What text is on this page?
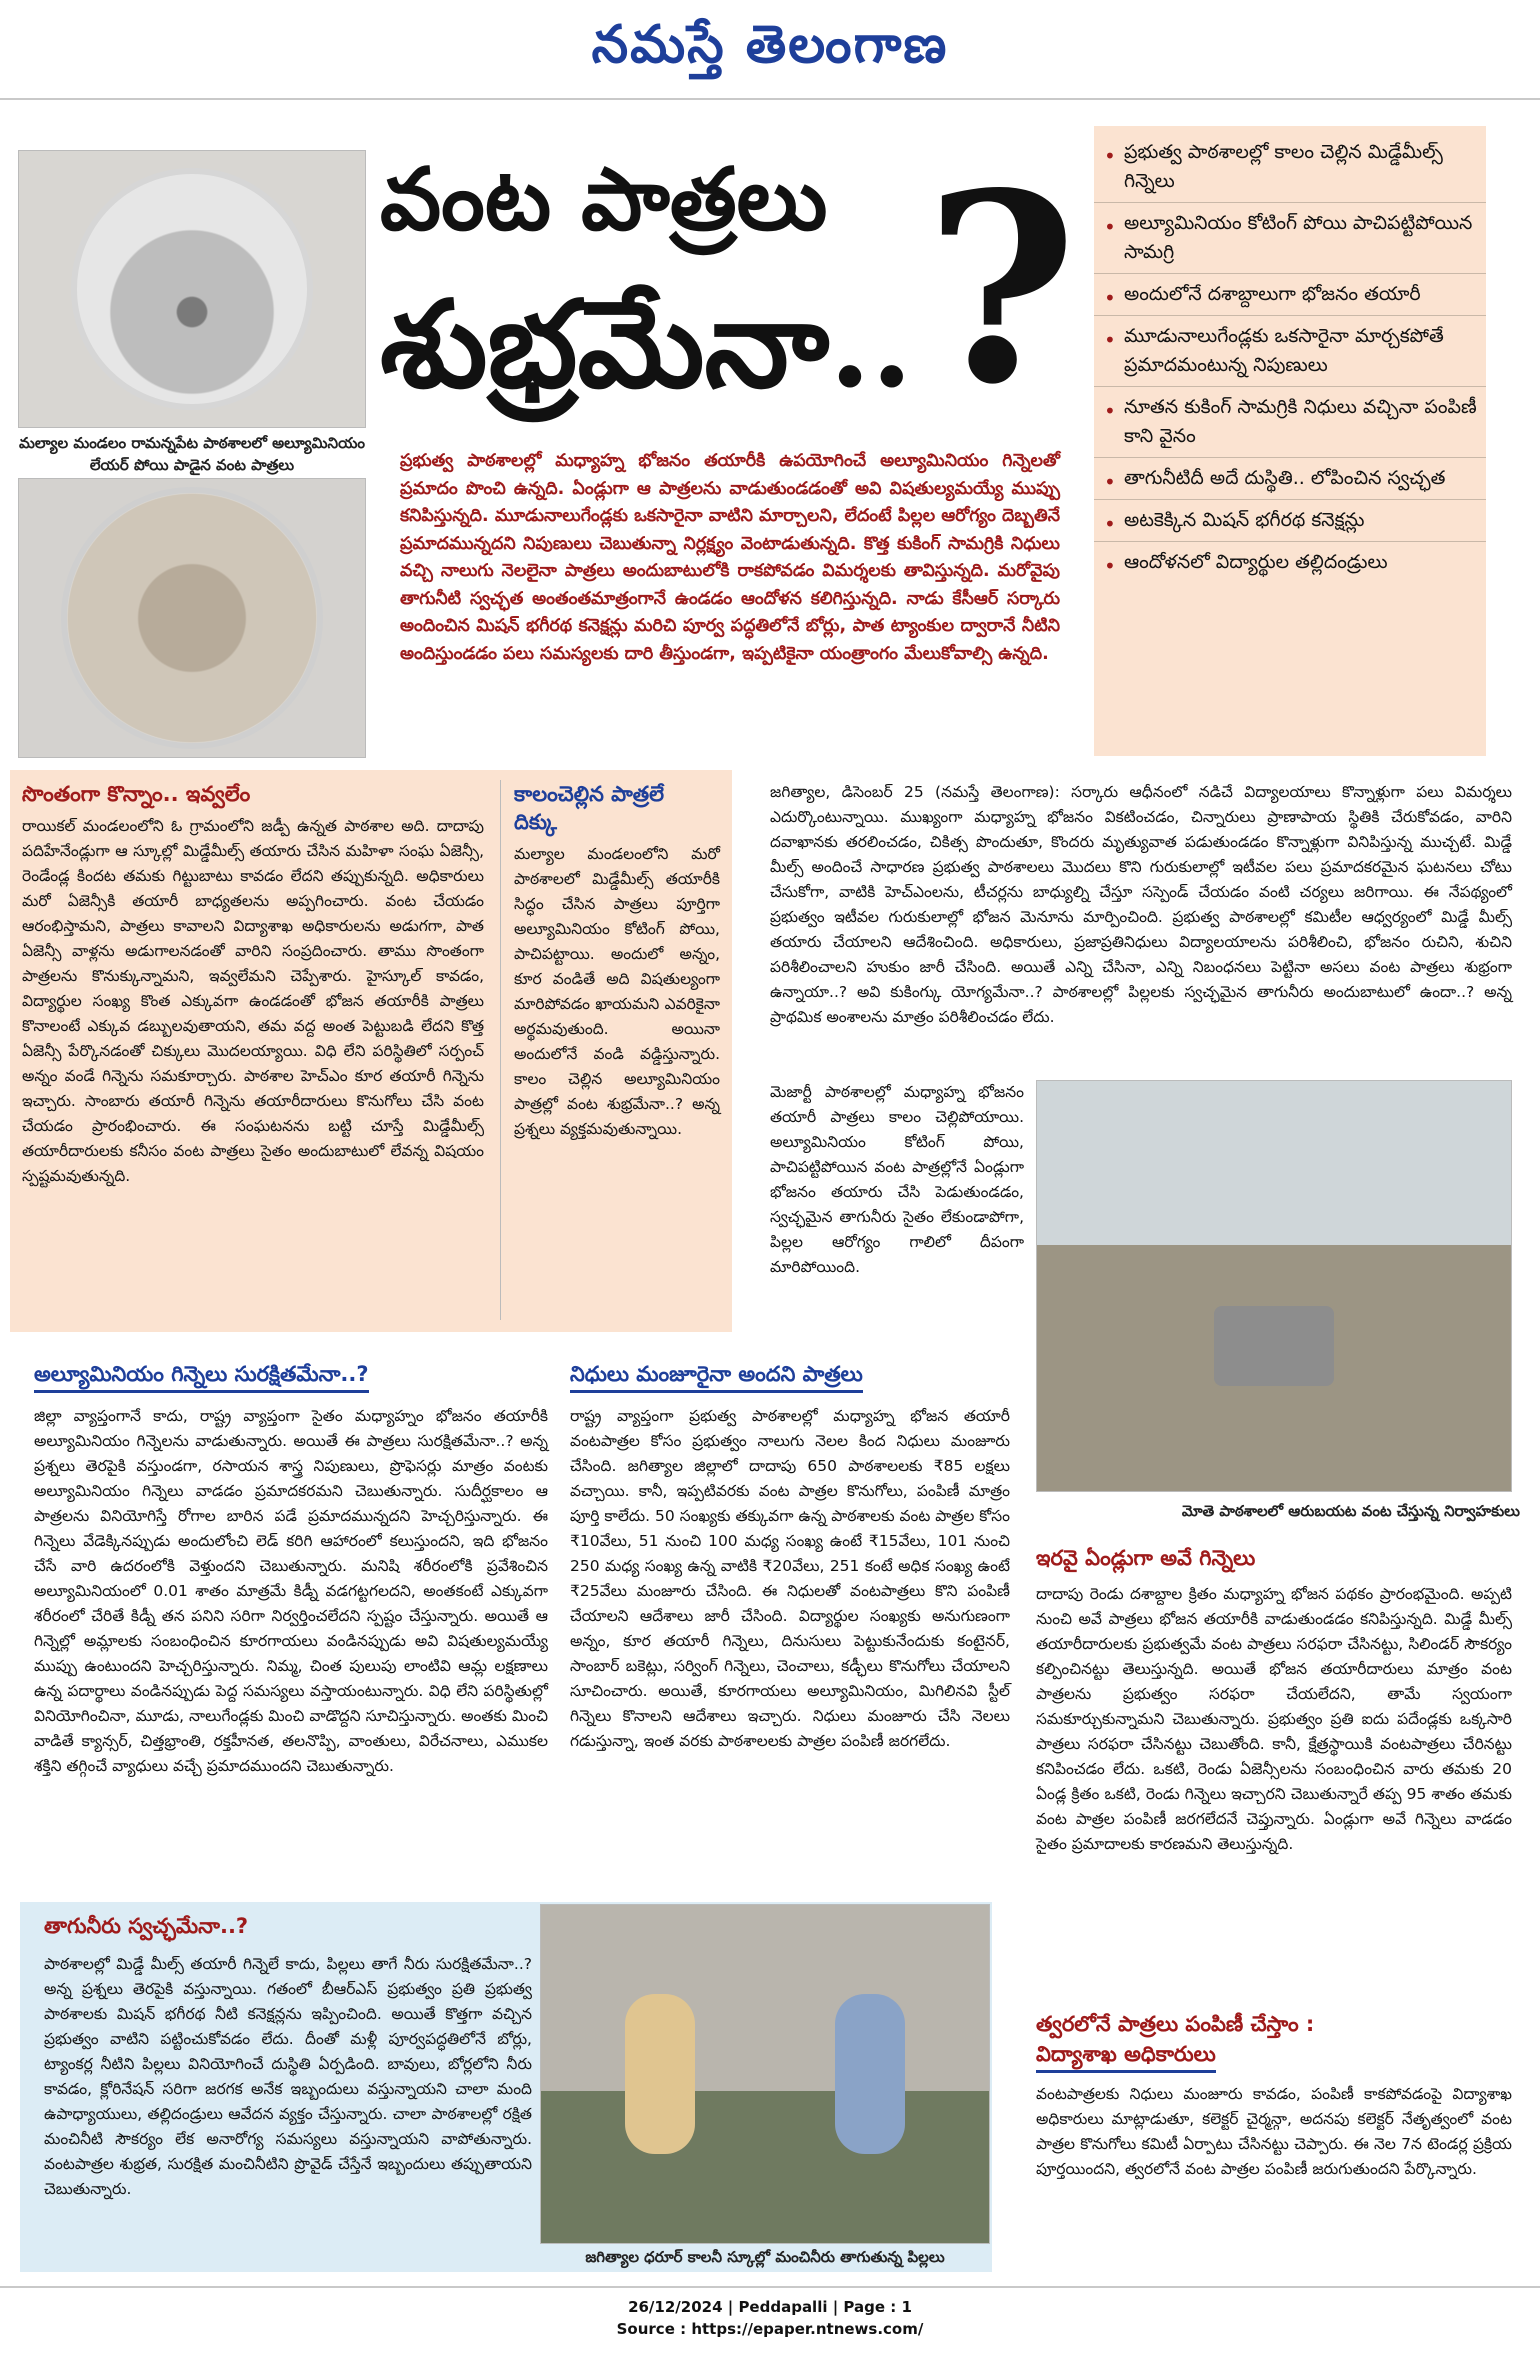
నమస్తే తెలంగాణ
మల్యాల మండలం రామన్నపేట పాఠశాలలో అల్యూమినియం లేయర్ పోయి పాడైన వంట పాత్రలు
వంట పాత్రలు
శుభ్రమేనా.. ?
ప్రభుత్వ పాఠశాలల్లో మధ్యాహ్న భోజనం తయారీకి ఉపయోగించే అల్యూమినియం గిన్నెలతో ప్రమాదం పొంచి ఉన్నది. ఏండ్లుగా ఆ పాత్రలను వాడుతుండడంతో అవి విషతుల్యమయ్యే ముప్పు కనిపిస్తున్నది. మూడునాలుగేండ్లకు ఒకసారైనా వాటిని మార్చాలని, లేదంటే పిల్లల ఆరోగ్యం దెబ్బతినే ప్రమాదమున్నదని నిపుణులు చెబుతున్నా నిర్లక్ష్యం వెంటాడుతున్నది. కొత్త కుకింగ్ సామగ్రికి నిధులు వచ్చి నాలుగు నెలలైనా పాత్రలు అందుబాటులోకి రాకపోవడం విమర్శలకు తావిస్తున్నది. మరోవైపు తాగునీటి స్వచ్ఛత అంతంతమాత్రంగానే ఉండడం ఆందోళన కలిగిస్తున్నది. నాడు కేసీఆర్ సర్కారు అందించిన మిషన్ భగీరథ కనెక్షన్లు మరిచి పూర్వ పద్ధతిలోనే బోర్లు, పాత ట్యాంకుల ద్వారానే నీటిని అందిస్తుండడం పలు సమస్యలకు దారి తీస్తుండగా, ఇప్పటికైనా యంత్రాంగం మేలుకోవాల్సి ఉన్నది.
• ప్రభుత్వ పాఠశాలల్లో కాలం చెల్లిన మిడ్డేమీల్స్ గిన్నెలు
• అల్యూమినియం కోటింగ్ పోయి పాచిపట్టిపోయిన సామగ్రి
• అందులోనే దశాబ్దాలుగా భోజనం తయారీ
• మూడునాలుగేండ్లకు ఒకసారైనా మార్చకపోతే ప్రమాదమంటున్న నిపుణులు
• నూతన కుకింగ్ సామగ్రికి నిధులు వచ్చినా పంపిణీ కాని వైనం
• తాగునీటిదీ అదే దుస్థితి.. లోపించిన స్వచ్ఛత
• అటకెక్కిన మిషన్ భగీరథ కనెక్షన్లు
• ఆందోళనలో విద్యార్థుల తల్లిదండ్రులు
సొంతంగా కొన్నాం.. ఇవ్వలేం
రాయికల్ మండలంలోని ఓ గ్రామంలోని జడ్పీ ఉన్నత పాఠశాల అది. దాదాపు పదిహేనేండ్లుగా ఆ స్కూల్లో మిడ్డేమీల్స్ తయారు చేసిన మహిళా సంఘ ఏజెన్సీ, రెండేండ్ల కిందట తమకు గిట్టుబాటు కావడం లేదని తప్పుకున్నది. అధికారులు మరో ఏజెన్సీకి తయారీ బాధ్యతలను అప్పగించారు. వంట చేయడం ఆరంభిస్తామని, పాత్రలు కావాలని విద్యాశాఖ అధికారులను అడుగగా, పాత ఏజెన్సీ వాళ్లను అడుగాలనడంతో వారిని సంప్రదించారు. తాము సొంతంగా పాత్రలను కొనుక్కున్నామని, ఇవ్వలేమని చెప్పేశారు. హైస్కూల్ కావడం, విద్యార్థుల సంఖ్య కొంత ఎక్కువగా ఉండడంతో భోజన తయారీకి పాత్రలు కొనాలంటే ఎక్కువ డబ్బులవుతాయని, తమ వద్ద అంత పెట్టుబడి లేదని కొత్త ఏజెన్సీ పేర్కొనడంతో చిక్కులు మొదలయ్యాయి. విధి లేని పరిస్థితిలో సర్పంచ్ అన్నం వండే గిన్నెను సమకూర్చారు. పాఠశాల హెచ్ఎం కూర తయారీ గిన్నెను ఇచ్చారు. సాంబారు తయారీ గిన్నెను తయారీదారులు కొనుగోలు చేసి వంట చేయడం ప్రారంభించారు. ఈ సంఘటనను బట్టి చూస్తే మిడ్డేమీల్స్ తయారీదారులకు కనీసం వంట పాత్రలు సైతం అందుబాటులో లేవన్న విషయం స్పష్టమవుతున్నది.
కాలంచెల్లిన పాత్రలే దిక్కు
మల్యాల మండలంలోని మరో పాఠశాలలో మిడ్డేమీల్స్ తయారీకి సిద్ధం చేసిన పాత్రలు పూర్తిగా అల్యూమినియం కోటింగ్ పోయి, పాచిపట్టాయి. అందులో అన్నం, కూర వండితే అది విషతుల్యంగా మారిపోవడం ఖాయమని ఎవరికైనా అర్థమవుతుంది. అయినా అందులోనే వండి వడ్డిస్తున్నారు. కాలం చెల్లిన అల్యూమినియం పాత్రల్లో వంట శుభ్రమేనా..? అన్న ప్రశ్నలు వ్యక్తమవుతున్నాయి.
జగిత్యాల, డిసెంబర్ 25 (నమస్తే తెలంగాణ): సర్కారు ఆధీనంలో నడిచే విద్యాలయాలు కొన్నాళ్లుగా పలు విమర్శలు ఎదుర్కొంటున్నాయి. ముఖ్యంగా మధ్యాహ్న భోజనం వికటించడం, చిన్నారులు ప్రాణాపాయ స్థితికి చేరుకోవడం, వారిని దవాఖానకు తరలించడం, చికిత్స పొందుతూ, కొందరు మృత్యువాత పడుతుండడం కొన్నాళ్లుగా వినిపిస్తున్న ముచ్చటే. మిడ్డే మీల్స్ అందించే సాధారణ ప్రభుత్వ పాఠశాలలు మొదలు కొని గురుకులాల్లో ఇటీవల పలు ప్రమాదకరమైన ఘటనలు చోటు చేసుకోగా, వాటికి హెచ్ఎంలను, టీచర్లను బాధ్యుల్ని చేస్తూ సస్పెండ్ చేయడం వంటి చర్యలు జరిగాయి. ఈ నేపథ్యంలో ప్రభుత్వం ఇటీవల గురుకులాల్లో భోజన మెనూను మార్పించింది. ప్రభుత్వ పాఠశాలల్లో కమిటీల ఆధ్వర్యంలో మిడ్డే మీల్స్ తయారు చేయాలని ఆదేశించింది. అధికారులు, ప్రజాప్రతినిధులు విద్యాలయాలను పరిశీలించి, భోజనం రుచిని, శుచిని పరిశీలించాలని హుకుం జారీ చేసింది. అయితే ఎన్ని చేసినా, ఎన్ని నిబంధనలు పెట్టినా అసలు వంట పాత్రలు శుభ్రంగా ఉన్నాయా..? అవి కుకింగ్కు యోగ్యమేనా..? పాఠశాలల్లో పిల్లలకు స్వచ్ఛమైన తాగునీరు అందుబాటులో ఉందా..? అన్న ప్రాథమిక అంశాలను మాత్రం పరిశీలించడం లేదు.
మెజార్టీ పాఠశాలల్లో మధ్యాహ్న భోజనం తయారీ పాత్రలు కాలం చెల్లిపోయాయి. అల్యూమినియం కోటింగ్ పోయి, పాచిపట్టిపోయిన వంట పాత్రల్లోనే ఏండ్లుగా భోజనం తయారు చేసి పెడుతుండడం, స్వచ్ఛమైన తాగునీరు సైతం లేకుండాపోగా, పిల్లల ఆరోగ్యం గాలిలో దీపంగా మారిపోయింది.
మోతె పాఠశాలలో ఆరుబయట వంట చేస్తున్న నిర్వాహకులు
అల్యూమినియం గిన్నెలు సురక్షితమేనా..?
జిల్లా వ్యాప్తంగానే కాదు, రాష్ట్ర వ్యాప్తంగా సైతం మధ్యాహ్నం భోజనం తయారీకి అల్యూమినియం గిన్నెలను వాడుతున్నారు. అయితే ఈ పాత్రలు సురక్షితమేనా..? అన్న ప్రశ్నలు తెరపైకి వస్తుండగా, రసాయన శాస్త్ర నిపుణులు, ప్రొఫెసర్లు మాత్రం వంటకు అల్యూమినియం గిన్నెలు వాడడం ప్రమాదకరమని చెబుతున్నారు. సుదీర్ఘకాలం ఆ పాత్రలను వినియోగిస్తే రోగాల బారిన పడే ప్రమాదమున్నదని హెచ్చరిస్తున్నారు. ఈ గిన్నెలు వేడెక్కినప్పుడు అందులోంచి లెడ్ కరిగి ఆహారంలో కలుస్తుందని, ఇది భోజనం చేసే వారి ఉదరంలోకి వెళ్తుందని చెబుతున్నారు. మనిషి శరీరంలోకి ప్రవేశించిన అల్యూమినియంలో 0.01 శాతం మాత్రమే కిడ్నీ వడగట్టగలదని, అంతకంటే ఎక్కువగా శరీరంలో చేరితే కిడ్నీ తన పనిని సరిగా నిర్వర్తించలేదని స్పష్టం చేస్తున్నారు. అయితే ఆ గిన్నెల్లో అమ్లాలకు సంబంధించిన కూరగాయలు వండినప్పుడు అవి విషతుల్యమయ్యే ముప్పు ఉంటుందని హెచ్చరిస్తున్నారు. నిమ్మ, చింత పులుపు లాంటివి ఆమ్ల లక్షణాలు ఉన్న పదార్థాలు వండినప్పుడు పెద్ద సమస్యలు వస్తాయంటున్నారు. విధి లేని పరిస్థితుల్లో వినియోగించినా, మూడు, నాలుగేండ్లకు మించి వాడొద్దని సూచిస్తున్నారు. అంతకు మించి వాడితే క్యాన్సర్, చిత్తభ్రాంతి, రక్తహీనత, తలనొప్పి, వాంతులు, విరేచనాలు, ఎముకల శక్తిని తగ్గించే వ్యాధులు వచ్చే ప్రమాదముందని చెబుతున్నారు.
నిధులు మంజూరైనా అందని పాత్రలు
రాష్ట్ర వ్యాప్తంగా ప్రభుత్వ పాఠశాలల్లో మధ్యాహ్న భోజన తయారీ వంటపాత్రల కోసం ప్రభుత్వం నాలుగు నెలల కింద నిధులు మంజూరు చేసింది. జగిత్యాల జిల్లాలో దాదాపు 650 పాఠశాలలకు ₹85 లక్షలు వచ్చాయి. కానీ, ఇప్పటివరకు వంట పాత్రల కొనుగోలు, పంపిణీ మాత్రం పూర్తి కాలేదు. 50 సంఖ్యకు తక్కువగా ఉన్న పాఠశాలకు వంట పాత్రల కోసం ₹10వేలు, 51 నుంచి 100 మధ్య సంఖ్య ఉంటే ₹15వేలు, 101 నుంచి 250 మధ్య సంఖ్య ఉన్న వాటికి ₹20వేలు, 251 కంటే అధిక సంఖ్య ఉంటే ₹25వేలు మంజూరు చేసింది. ఈ నిధులతో వంటపాత్రలు కొని పంపిణీ చేయాలని ఆదేశాలు జారీ చేసింది. విద్యార్థుల సంఖ్యకు అనుగుణంగా అన్నం, కూర తయారీ గిన్నెలు, దినుసులు పెట్టుకునేందుకు కంటైనర్, సాంబార్ బకెట్లు, సర్వింగ్ గిన్నెలు, చెంచాలు, కడ్ఛీలు కొనుగోలు చేయాలని సూచించారు. అయితే, కూరగాయలు అల్యూమినియం, మిగిలినవి స్టీల్ గిన్నెలు కొనాలని ఆదేశాలు ఇచ్చారు. నిధులు మంజూరు చేసి నెలలు గడుస్తున్నా, ఇంత వరకు పాఠశాలలకు పాత్రల పంపిణీ జరగలేదు.
ఇరవై ఏండ్లుగా అవే గిన్నెలు
దాదాపు రెండు దశాబ్దాల క్రితం మధ్యాహ్న భోజన పథకం ప్రారంభమైంది. అప్పటి నుంచి అవే పాత్రలు భోజన తయారీకి వాడుతుండడం కనిపిస్తున్నది. మిడ్డే మీల్స్ తయారీదారులకు ప్రభుత్వమే వంట పాత్రలు సరఫరా చేసినట్టు, సిలిండర్ సౌకర్యం కల్పించినట్టు తెలుస్తున్నది. అయితే భోజన తయారీదారులు మాత్రం వంట పాత్రలను ప్రభుత్వం సరఫరా చేయలేదని, తామే స్వయంగా సమకూర్చుకున్నామని చెబుతున్నారు. ప్రభుత్వం ప్రతి ఐదు పదేండ్లకు ఒక్కసారి పాత్రలు సరఫరా చేసినట్టు చెబుతోంది. కానీ, క్షేత్రస్థాయికి వంటపాత్రలు చేరినట్టు కనిపించడం లేదు. ఒకటి, రెండు ఏజెన్సీలను సంబంధించిన వారు తమకు 20 ఏండ్ల క్రితం ఒకటి, రెండు గిన్నెలు ఇచ్చారని చెబుతున్నారే తప్ప 95 శాతం తమకు వంట పాత్రల పంపిణీ జరగలేదనే చెప్తున్నారు. ఏండ్లుగా అవే గిన్నెలు వాడడం సైతం ప్రమాదాలకు కారణమని తెలుస్తున్నది.
తాగునీరు స్వచ్ఛమేనా..?
పాఠశాలల్లో మిడ్డే మీల్స్ తయారీ గిన్నెలే కాదు, పిల్లలు తాగే నీరు సురక్షితమేనా..? అన్న ప్రశ్నలు తెరపైకి వస్తున్నాయి. గతంలో బీఆర్ఎస్ ప్రభుత్వం ప్రతి ప్రభుత్వ పాఠశాలకు మిషన్ భగీరథ నీటి కనెక్షన్లను ఇప్పించింది. అయితే కొత్తగా వచ్చిన ప్రభుత్వం వాటిని పట్టించుకోవడం లేదు. దీంతో మళ్లీ పూర్వపద్ధతిలోనే బోర్లు, ట్యాంకర్ల నీటిని పిల్లలు వినియోగించే దుస్థితి ఏర్పడింది. బావులు, బోర్లలోని నీరు కావడం, క్లోరినేషన్ సరిగా జరగక అనేక ఇబ్బందులు వస్తున్నాయని చాలా మంది ఉపాధ్యాయులు, తల్లిదండ్రులు ఆవేదన వ్యక్తం చేస్తున్నారు. చాలా పాఠశాలల్లో రక్షిత మంచినీటి సౌకర్యం లేక అనారోగ్య సమస్యలు వస్తున్నాయని వాపోతున్నారు. వంటపాత్రల శుభ్రత, సురక్షిత మంచినీటిని ప్రొవైడ్ చేస్తేనే ఇబ్బందులు తప్పుతాయని చెబుతున్నారు.
జగిత్యాల ధరూర్ కాలనీ స్కూల్లో మంచినీరు తాగుతున్న పిల్లలు
త్వరలోనే పాత్రలు పంపిణీ చేస్తాం :
విద్యాశాఖ అధికారులు
వంటపాత్రలకు నిధులు మంజూరు కావడం, పంపిణీ కాకపోవడంపై విద్యాశాఖ అధికారులు మాట్లాడుతూ, కలెక్టర్ చైర్మన్గా, అదనపు కలెక్టర్ నేతృత్వంలో వంట పాత్రల కొనుగోలు కమిటీ ఏర్పాటు చేసినట్టు చెప్పారు. ఈ నెల 7న టెండర్ల ప్రక్రియ పూర్తయిందని, త్వరలోనే వంట పాత్రల పంపిణీ జరుగుతుందని పేర్కొన్నారు.
26/12/2024 | Peddapalli | Page : 1
Source : https://epaper.ntnews.com/
